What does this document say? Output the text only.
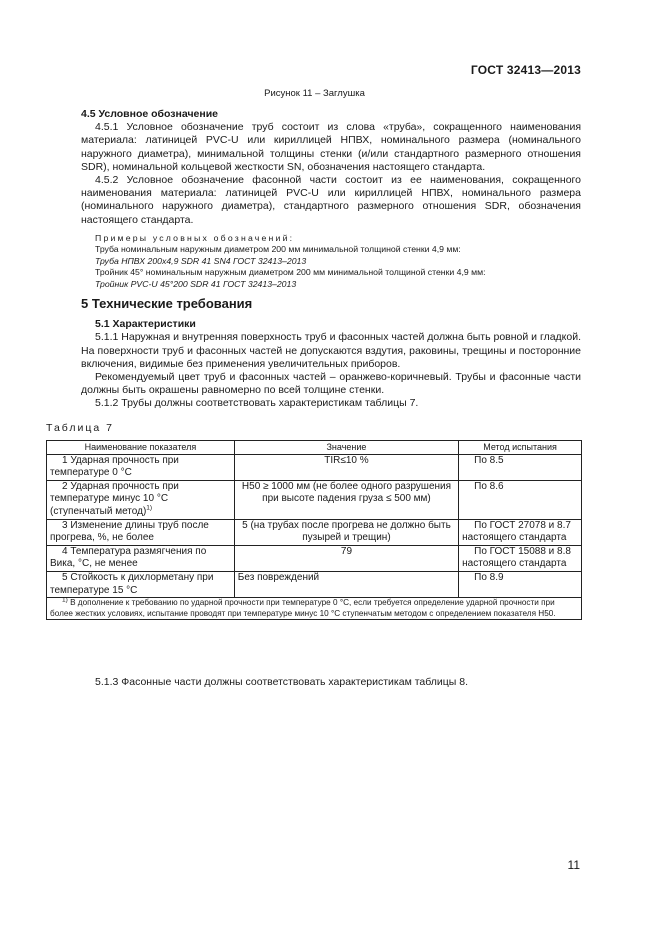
ГОСТ 32413—2013
Рисунок 11 – Заглушка
4.5 Условное обозначение

4.5.1 Условное обозначение труб состоит из слова «труба», сокращенного наименования материала: латиницей PVC-U или кириллицей НПВХ, номинального размера (номинального наружного диаметра), минимальной толщины стенки (и/или стандартного размерного отношения SDR), номинальной кольцевой жесткости SN, обозначения настоящего стандарта.

4.5.2 Условное обозначение фасонной части состоит из ее наименования, сокращенного наименования материала: латиницей PVC-U или кириллицей НПВХ, номинального размера (номинального наружного диаметра), стандартного размерного отношения SDR, обозначения настоящего стандарта.

Примеры условных обозначений:
Труба номинальным наружным диаметром 200 мм минимальной толщиной стенки 4,9 мм:
Труба НПВХ 200x4,9 SDR 41 SN4 ГОСТ 32413–2013
Тройник 45° номинальным наружным диаметром 200 мм минимальной толщиной стенки 4,9 мм:
Тройник PVC-U 45°200 SDR 41 ГОСТ 32413–2013
5 Технические требования
5.1 Характеристики

5.1.1 Наружная и внутренняя поверхность труб и фасонных частей должна быть ровной и гладкой. На поверхности труб и фасонных частей не допускаются вздутия, раковины, трещины и посторонние включения, видимые без применения увеличительных приборов.

Рекомендуемый цвет труб и фасонных частей – оранжево-коричневый. Трубы и фасонные части должны быть окрашены равномерно по всей толщине стенки.

5.1.2 Трубы должны соответствовать характеристикам таблицы 7.

Таблица 7
Наименование показателя	Значение	Метод испытания
1 Ударная прочность при температуре 0 °С	TIR≤10 %	По 8.5
2 Ударная прочность при температуре минус 10 °С (ступенчатый метод)$^{1)}$	Н50 ≥ 1000 мм (не более одного разрушения при высоте падения груза ≤ 500 мм)	По 8.6
3 Изменение длины труб после прогрева, %, не более	5 (на трубах после прогрева не должно быть пузырей и трещин)	По ГОСТ 27078 и 8.7 настоящего стандарта
4 Температура размягчения по Вика, °С, не менее	79	По ГОСТ 15088 и 8.8 настоящего стандарта
5 Стойкость к дихлорметану при температуре 15 °С	Без повреждений	По 8.9
$^{1)}$ В дополнение к требованию по ударной прочности при температуре 0 °С, если требуется определение ударной прочности при более жестких условиях, испытание проводят при температуре минус 10 °С ступенчатым методом с определением показателя Н50.		

5.1.3 Фасонные части должны соответствовать характеристикам таблицы 8.

11
